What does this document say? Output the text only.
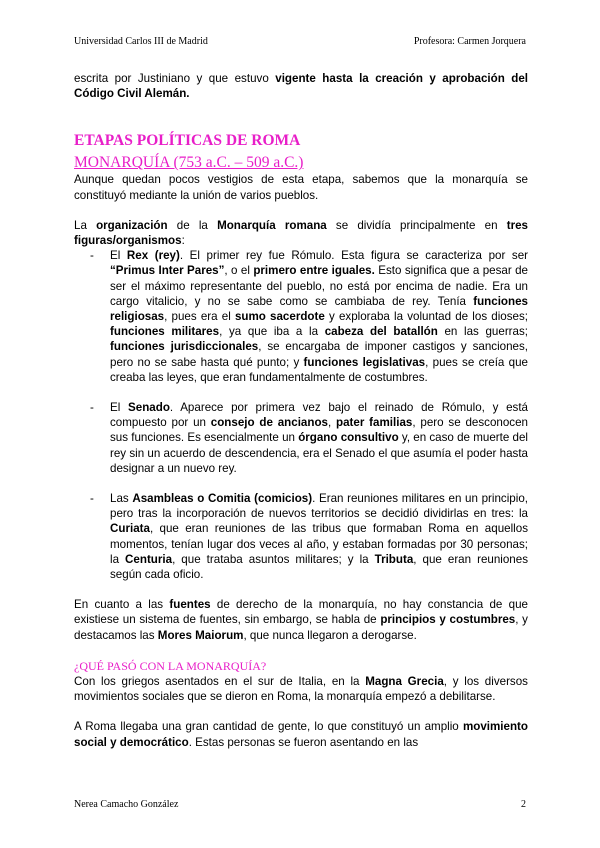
Universidad Carlos III de Madrid	Profesora: Carmen Jorquera

escrita por Justiniano y que estuvo vigente hasta la creación y aprobación del Código Civil Alemán.

ETAPAS POLÍTICAS DE ROMA
MONARQUÍA (753 a.C. – 509 a.C.)

Aunque quedan pocos vestigios de esta etapa, sabemos que la monarquía se constituyó mediante la unión de varios pueblos.

La organización de la Monarquía romana se dividía principalmente en tres figuras/organismos:

- El Rex (rey). El primer rey fue Rómulo. Esta figura se caracteriza por ser “Primus Inter Pares”, o el primero entre iguales. Esto significa que a pesar de ser el máximo representante del pueblo, no está por encima de nadie. Era un cargo vitalicio, y no se sabe como se cambiaba de rey. Tenía funciones religiosas, pues era el sumo sacerdote y exploraba la voluntad de los dioses; funciones militares, ya que iba a la cabeza del batallón en las guerras; funciones jurisdiccionales, se encargaba de imponer castigos y sanciones, pero no se sabe hasta qué punto; y funciones legislativas, pues se creía que creaba las leyes, que eran fundamentalmente de costumbres.
- El Senado. Aparece por primera vez bajo el reinado de Rómulo, y está compuesto por un consejo de ancianos, pater familias, pero se desconocen sus funciones. Es esencialmente un órgano consultivo y, en caso de muerte del rey sin un acuerdo de descendencia, era el Senado el que asumía el poder hasta designar a un nuevo rey.
- Las Asambleas o Comitia (comicios). Eran reuniones militares en un principio, pero tras la incorporación de nuevos territorios se decidió dividirlas en tres: la Curiata, que eran reuniones de las tribus que formaban Roma en aquellos momentos, tenían lugar dos veces al año, y estaban formadas por 30 personas; la Centuria, que trataba asuntos militares; y la Tributa, que eran reuniones según cada oficio.

En cuanto a las fuentes de derecho de la monarquía, no hay constancia de que existiese un sistema de fuentes, sin embargo, se habla de principios y costumbres, y destacamos las Mores Maiorum, que nunca llegaron a derogarse.

¿QUÉ PASÓ CON LA MONARQUÍA?

Con los griegos asentados en el sur de Italia, en la Magna Grecia, y los diversos movimientos sociales que se dieron en Roma, la monarquía empezó a debilitarse.

A Roma llegaba una gran cantidad de gente, lo que constituyó un amplio movimiento social y democrático. Estas personas se fueron asentando en las

Nerea Camacho González	2
